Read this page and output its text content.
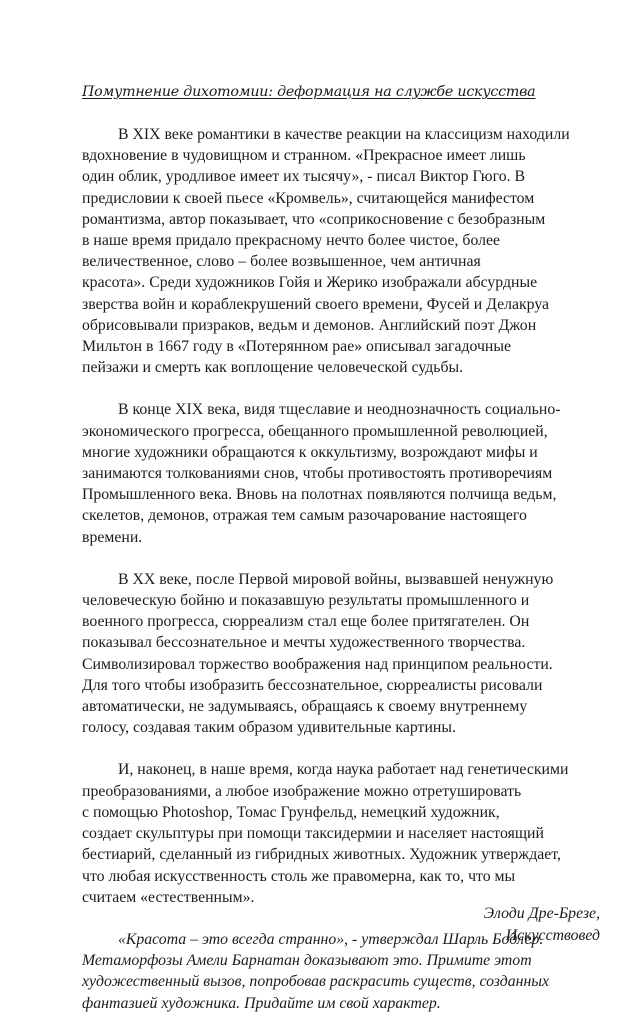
Помутнение дихотомии: деформация на службе искусства

В XIX веке романтики в качестве реакции на классицизм находили
вдохновение в чудовищном и странном. «Прекрасное имеет лишь
один облик, уродливое имеет их тысячу», - писал Виктор Гюго. В
предисловии к своей пьесе «Кромвель», считающейся манифестом
романтизма, автор показывает, что «соприкосновение с безобразным
в наше время придало прекрасному нечто более чистое, более
величественное, слово – более возвышенное, чем античная
красота». Среди художников Гойя и Жерико изображали абсурдные
зверства войн и кораблекрушений своего времени, Фусей и Делакруа
обрисовывали призраков, ведьм и демонов. Английский поэт Джон
Мильтон в 1667 году в «Потерянном рае» описывал загадочные
пейзажи и смерть как воплощение человеческой судьбы.

В конце XIX века, видя тщеславие и неоднозначность социально-
экономического прогресса, обещанного промышленной революцией,
многие художники обращаются к оккультизму, возрождают мифы и
занимаются толкованиями снов, чтобы противостоять противоречиям
Промышленного века. Вновь на полотнах появляются полчища ведьм,
скелетов, демонов, отражая тем самым разочарование настоящего
времени.

В XX веке, после Первой мировой войны, вызвавшей ненужную
человеческую бойню и показавшую результаты промышленного и
военного прогресса, сюрреализм стал еще более притягателен. Он
показывал бессознательное и мечты художественного творчества.
Символизировал торжество воображения над принципом реальности.
Для того чтобы изобразить бессознательное, сюрреалисты рисовали
автоматически, не задумываясь, обращаясь к своему внутреннему
голосу, создавая таким образом удивительные картины.

И, наконец, в наше время, когда наука работает над генетическими
преобразованиями, а любое изображение можно отретушировать
с помощью Photoshop, Томас Грунфельд, немецкий художник,
создает скульптуры при помощи таксидермии и населяет настоящий
бестиарий, сделанный из гибридных животных. Художник утверждает,
что любая искусственность столь же правомерна, как то, что мы
считаем «естественным».

«Красота – это всегда странно», - утверждал Шарль Бодлер.
Метаморфозы Амели Барнатан доказывают это. Примите этот
художественный вызов, попробовав раскрасить существ, созданных
фантазией художника. Придайте им свой характер.

Элоди Дре-Брезе,
Искусствовед
